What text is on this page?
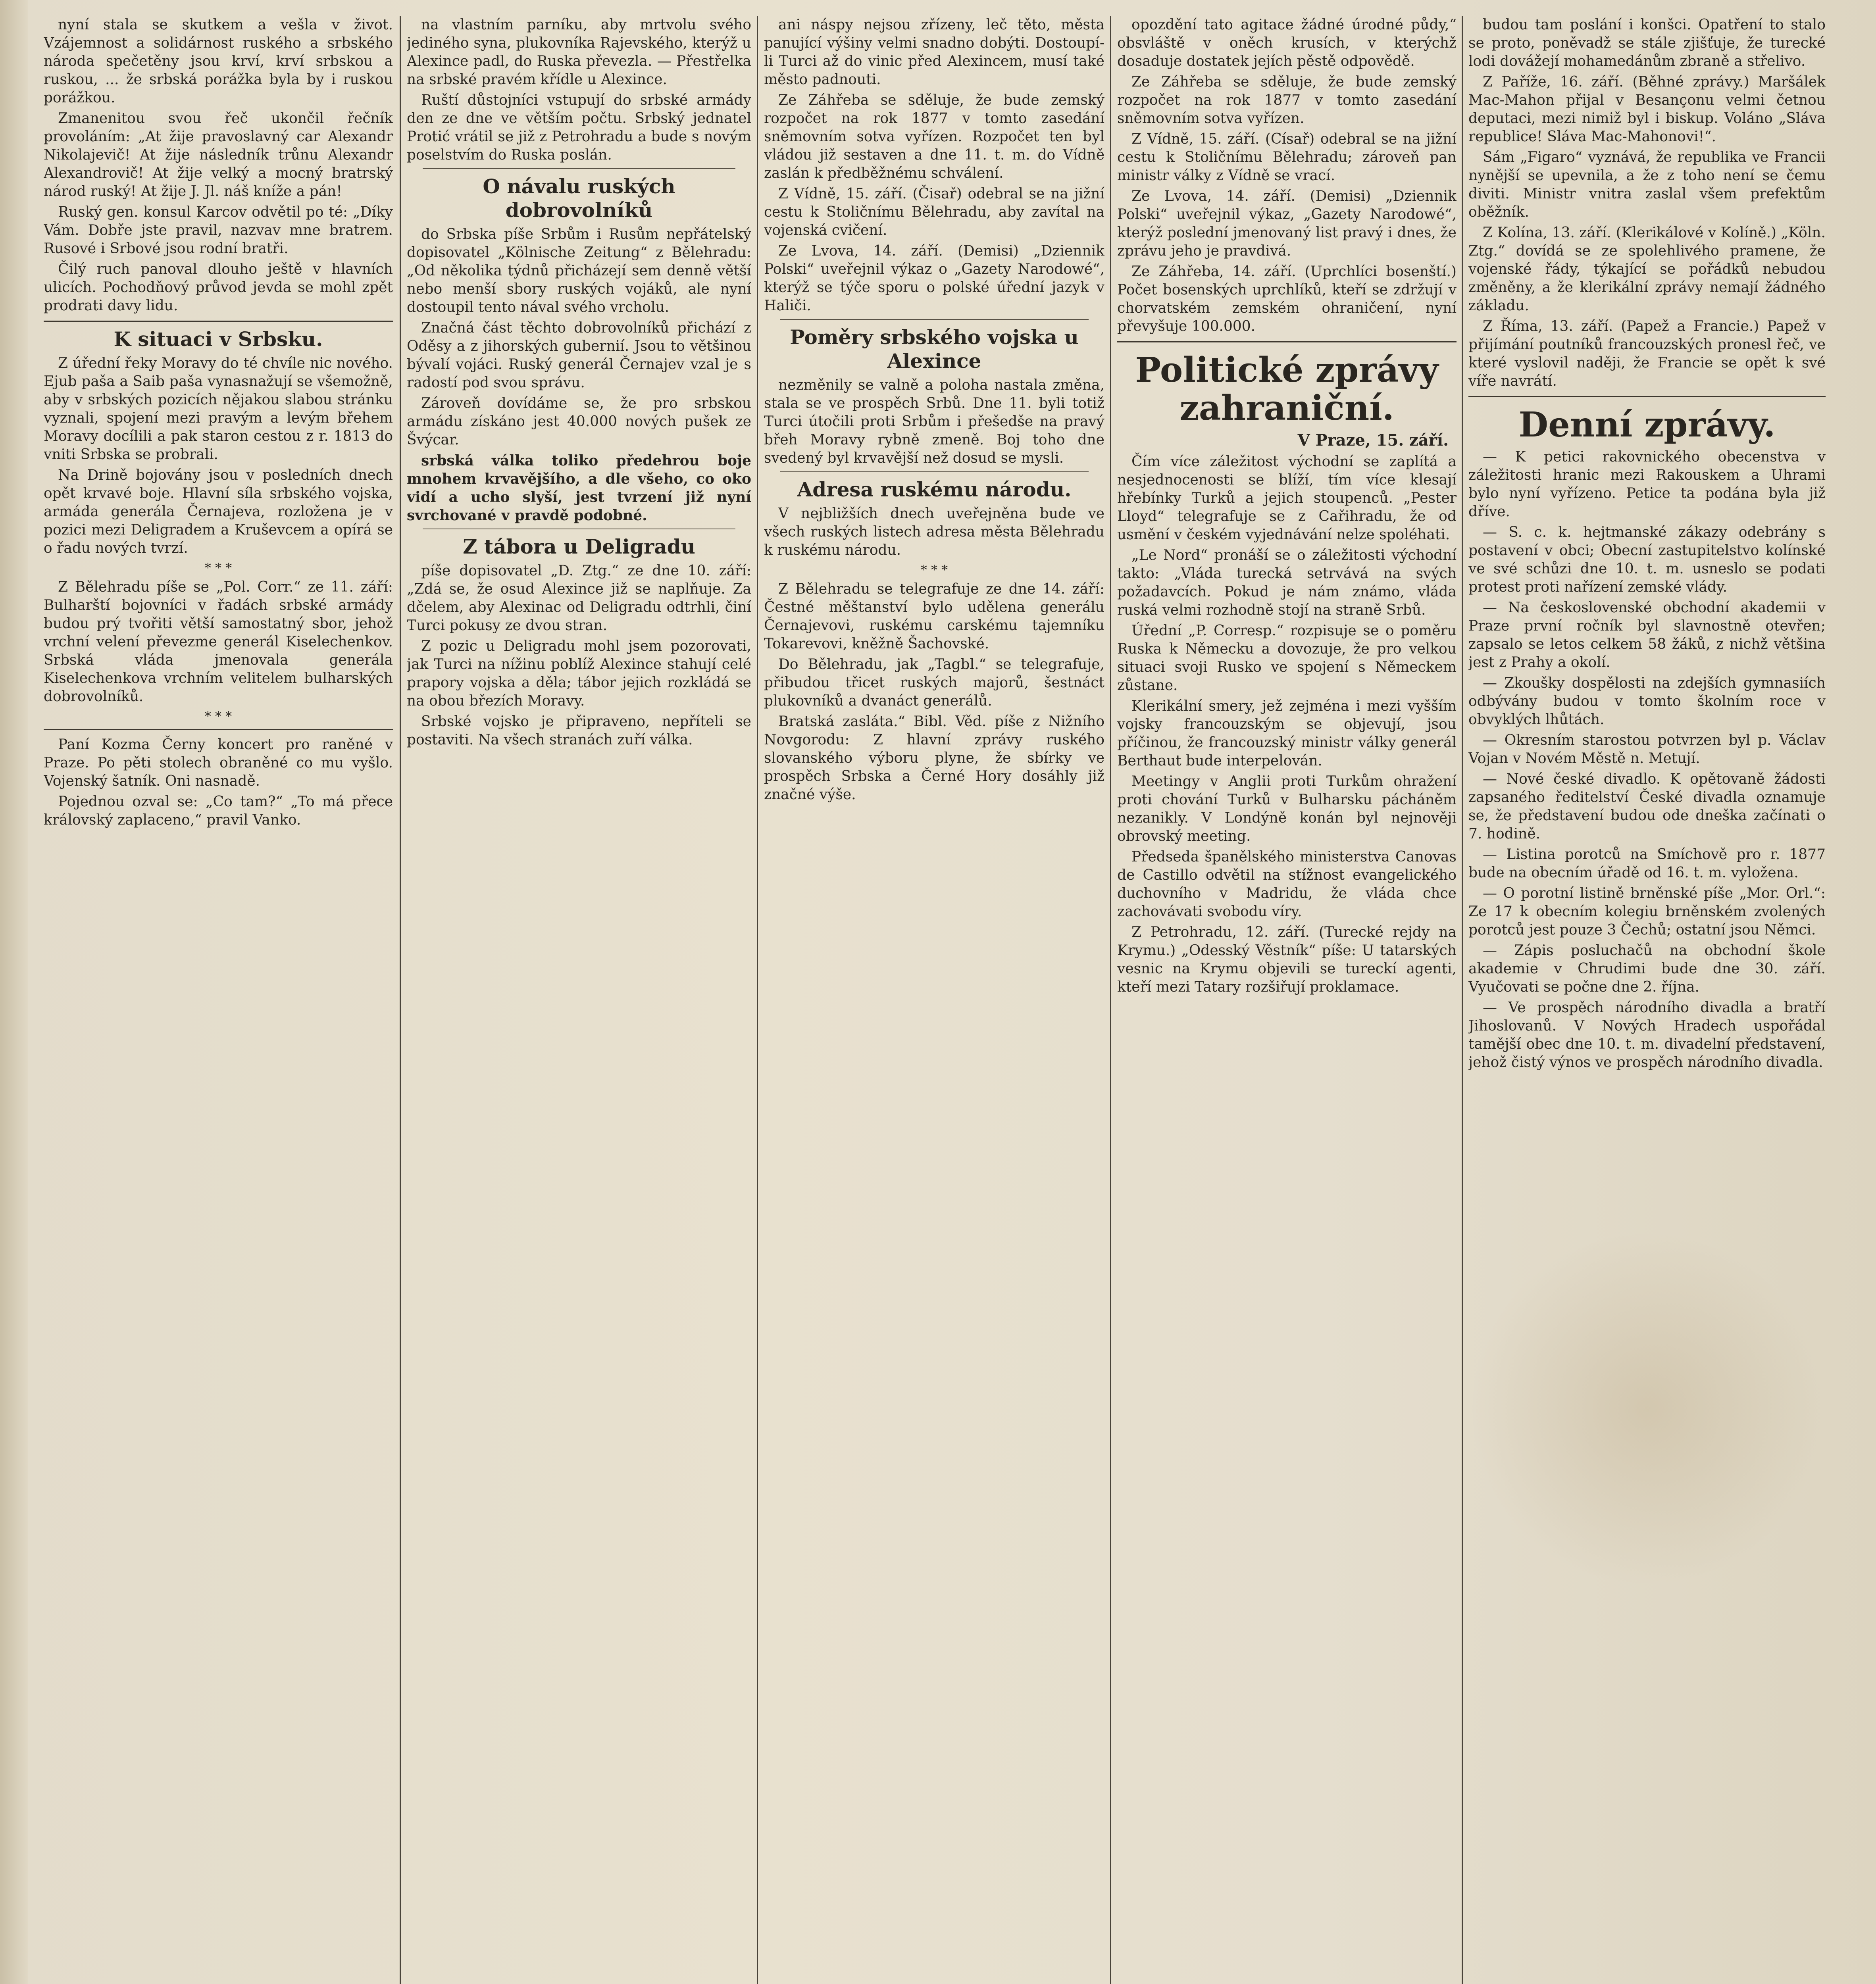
nyní stala se skutkem a vešla v život. Vzájemnost a solidárnost ruského a srbského národa spečetěny jsou krví, krví srbskou a ruskou, ... že srbská porážka byla by i ruskou porážkou.

Zmanenitou svou řeč ukončil řečník provoláním: „At žije pravoslavný car Alexandr Nikolajevič! At žije následník trůnu Alexandr Alexandrovič! At žije velký a mocný bratrský národ ruský! At žije J. Jl. náš kníže a pán!

Ruský gen. konsul Karcov odvětil po té: „Díky Vám. Dobře jste pravil, nazvav mne bratrem. Rusové i Srbové jsou rodní bratři.

Čilý ruch panoval dlouho ještě v hlavních ulicích. Pochodňový průvod jevda se mohl zpět prodrati davy lidu.

K situaci v Srbsku.

Z úřední řeky Moravy do té chvíle nic nového. Ejub paša a Saib paša vynasnažují se všemožně, aby v srbských pozicích nějakou slabou stránku vyznali, spojení mezi pravým a levým břehem Moravy docílili a pak staron cestou z r. 1813 do vniti Srbska se probrali.

Na Drině bojovány jsou v posledních dnech opět krvavé boje. Hlavní síla srbského vojska, armáda generála Černajeva, rozložena je v pozici mezi Deligradem a Kruševcem a opírá se o řadu nových tvrzí.

* * *

Z Bělehradu píše se „Pol. Corr.“ ze 11. září: Bulharští bojovníci v řadách srbské armády budou prý tvořiti větší samostatný sbor, jehož vrchní velení převezme generál Kiselechenkov. Srbská vláda jmenovala generála Kiselechenkova vrchním velitelem bulharských dobrovolníků.

* * *

Paní Kozma Černy koncert pro raněné v Praze. Po pěti stolech obraněné co mu vyšlo. Vojenský šatník. Oni nasnadě.

Pojednou ozval se: „Co tam?“ „To má přece královský zaplaceno,“ pravil Vanko.

na vlastním parníku, aby mrtvolu svého jediného syna, plukovníka Rajevského, kterýž u Alexince padl, do Ruska převezla. — Přestřelka na srbské pravém křídle u Alexince.

Ruští důstojníci vstupují do srbské armády den ze dne ve větším počtu. Srbský jednatel Protić vrátil se již z Petrohradu a bude s novým poselstvím do Ruska poslán.

O návalu ruských dobrovolníků

do Srbska píše Srbům i Rusům nepřátelský dopisovatel „Kölnische Zeitung“ z Bělehradu: „Od několika týdnů přicházejí sem denně větší nebo menší sbory ruských vojáků, ale nyní dostoupil tento nával svého vrcholu.

Značná část těchto dobrovolníků přichází z Oděsy a z jihorských gubernií. Jsou to většinou bývalí vojáci. Ruský generál Černajev vzal je s radostí pod svou správu.

Zároveň dovídáme se, že pro srbskou armádu získáno jest 40.000 nových pušek ze Švýcar.

srbská válka toliko předehrou boje mnohem krvavějšího, a dle všeho, co oko vidí a ucho slyší, jest tvrzení již nyní svrchované v pravdě podobné.

Z tábora u Deligradu

píše dopisovatel „D. Ztg.“ ze dne 10. září: „Zdá se, že osud Alexince již se naplňuje. Za dčelem, aby Alexinac od Deligradu odtrhli, činí Turci pokusy ze dvou stran.

Z pozic u Deligradu mohl jsem pozorovati, jak Turci na nížinu poblíž Alexince stahují celé prapory vojska a děla; tábor jejich rozkládá se na obou březích Moravy.

Srbské vojsko je připraveno, nepříteli se postaviti. Na všech stranách zuří válka.

ani náspy nejsou zřízeny, leč těto, města panující výšiny velmi snadno dobýti. Dostoupí-li Turci až do vinic před Alexincem, musí také město padnouti.

Ze Záhřeba se sděluje, že bude zemský rozpočet na rok 1877 v tomto zasedání sněmovním sotva vyřízen. Rozpočet ten byl vládou již sestaven a dne 11. t. m. do Vídně zaslán k předběžnému schválení.

Z Vídně, 15. září. (Čisař) odebral se na jižní cestu k Stoličnímu Bělehradu, aby zavítal na vojenská cvičení.

Ze Lvova, 14. září. (Demisi) „Dziennik Polski“ uveřejnil výkaz o „Gazety Narodowé“, kterýž se týče sporu o polské úřední jazyk v Haliči.

Poměry srbského vojska u Alexince

nezměnily se valně a poloha nastala změna, stala se ve prospěch Srbů. Dne 11. byli totiž Turci útočili proti Srbům i přešedše na pravý břeh Moravy rybně zmeně. Boj toho dne svedený byl krvavější než dosud se mysli.

Adresa ruskému národu.

V nejbližších dnech uveřejněna bude ve všech ruských listech adresa města Bělehradu k ruskému národu.

* * *

Z Bělehradu se telegrafuje ze dne 14. září: Čestné měštanství bylo udělena generálu Černajevovi, ruskému carskému tajemníku Tokarevovi, kněžně Šachovské.

Do Bělehradu, jak „Tagbl.“ se telegrafuje, přibudou třicet ruských majorů, šestnáct plukovníků a dvanáct generálů.

Bratská zasláta.“ Bibl. Věd. píše z Nižního Novgorodu: Z hlavní zprávy ruského slovanského výboru plyne, že sbírky ve prospěch Srbska a Černé Hory dosáhly již značné výše.

opozdění tato agitace žádné úrodné půdy,“ obsvláště v oněch krusích, v kterýchž dosaduje dostatek jejích pěstě odpovědě.

Ze Záhřeba se sděluje, že bude zemský rozpočet na rok 1877 v tomto zasedání sněmovním sotva vyřízen.

Z Vídně, 15. září. (Císař) odebral se na jižní cestu k Stoličnímu Bělehradu; zároveň pan ministr války z Vídně se vrací.

Ze Lvova, 14. září. (Demisi) „Dziennik Polski“ uveřejnil výkaz, „Gazety Narodowé“, kterýž poslední jmenovaný list pravý i dnes, že zprávu jeho je pravdivá.

Ze Záhřeba, 14. září. (Uprchlíci bosenští.) Počet bosenských uprchlíků, kteří se zdržují v chorvatském zemském ohraničení, nyní převyšuje 100.000.

Politické zprávy zahraniční.
V Praze, 15. září.

Čím více záležitost východní se zaplítá a nesjednocenosti se blíží, tím více klesají hřebínky Turků a jejich stoupenců. „Pester Lloyd“ telegrafuje se z Cařihradu, že od usmění v českém vyjednávání nelze spoléhati.

„Le Nord“ pronáší se o záležitosti východní takto: „Vláda turecká setrvává na svých požadavcích. Pokud je nám známo, vláda ruská velmi rozhodně stojí na straně Srbů.

Úřední „P. Corresp.“ rozpisuje se o poměru Ruska k Německu a dovozuje, že pro velkou situaci svoji Rusko ve spojení s Německem zůstane.

Klerikální smery, jež zejména i mezi vyšším vojsky francouzským se objevují, jsou příčinou, že francouzský ministr války generál Berthaut bude interpelován.

Meetingy v Anglii proti Turkům ohražení proti chování Turků v Bulharsku pácháněm nezanikly. V Londýně konán byl nejnověji obrovský meeting.

Předseda španělského ministerstva Canovas de Castillo odvětil na stížnost evangelického duchovního v Madridu, že vláda chce zachovávati svobodu víry.

Z Petrohradu, 12. září. (Turecké rejdy na Krymu.) „Odesský Věstník“ píše: U tatarských vesnic na Krymu objevili se tureckí agenti, kteří mezi Tatary rozšiřují proklamace.

budou tam poslání i konšci. Opatření to stalo se proto, poněvadž se stále zjišťuje, že turecké lodi dovážejí mohamedánům zbraně a střelivo.

Z Paříže, 16. září. (Běhné zprávy.) Maršálek Mac-Mahon přijal v Besançonu velmi četnou deputaci, mezi nimiž byl i biskup. Voláno „Sláva republice! Sláva Mac-Mahonovi!“.

Sám „Figaro“ vyznává, že republika ve Francii nynější se upevnila, a že z toho není se čemu diviti. Ministr vnitra zaslal všem prefektům oběžník.

Z Kolína, 13. září. (Klerikálové v Kolíně.) „Köln. Ztg.“ dovídá se ze spolehlivého pramene, že vojenské řády, týkající se pořádků nebudou změněny, a že klerikální zprávy nemají žádného základu.

Z Říma, 13. září. (Papež a Francie.) Papež v přijímání poutníků francouzských pronesl řeč, ve které vyslovil naději, že Francie se opět k své víře navrátí.

Denní zprávy.

— K petici rakovnického obecenstva v záležitosti hranic mezi Rakouskem a Uhrami bylo nyní vyřízeno. Petice ta podána byla již dříve.

— S. c. k. hejtmanské zákazy odebrány s postavení v obci; Obecní zastupitelstvo kolínské ve své schůzi dne 10. t. m. usneslo se podati protest proti nařízení zemské vlády.

— Na československé obchodní akademii v Praze první ročník byl slavnostně otevřen; zapsalo se letos celkem 58 žáků, z nichž většina jest z Prahy a okolí.

— Zkoušky dospělosti na zdejších gymnasiích odbývány budou v tomto školním roce v obvyklých lhůtách.

— Okresním starostou potvrzen byl p. Václav Vojan v Novém Městě n. Metují.

— Nové české divadlo. K opětovaně žádosti zapsaného ředitelství České divadla oznamuje se, že představení budou ode dneška začínati o 7. hodině.

— Listina porotců na Smíchově pro r. 1877 bude na obecním úřadě od 16. t. m. vyložena.

— O porotní listině brněnské píše „Mor. Orl.“: Ze 17 k obecním kolegiu brněnském zvolených porotců jest pouze 3 Čechů; ostatní jsou Němci.

— Zápis posluchačů na obchodní škole akademie v Chrudimi bude dne 30. září. Vyučovati se počne dne 2. října.

— Ve prospěch národního divadla a bratří Jihoslovanů. V Nových Hradech uspořádal tamější obec dne 10. t. m. divadelní představení, jehož čistý výnos ve prospěch národního divadla.
